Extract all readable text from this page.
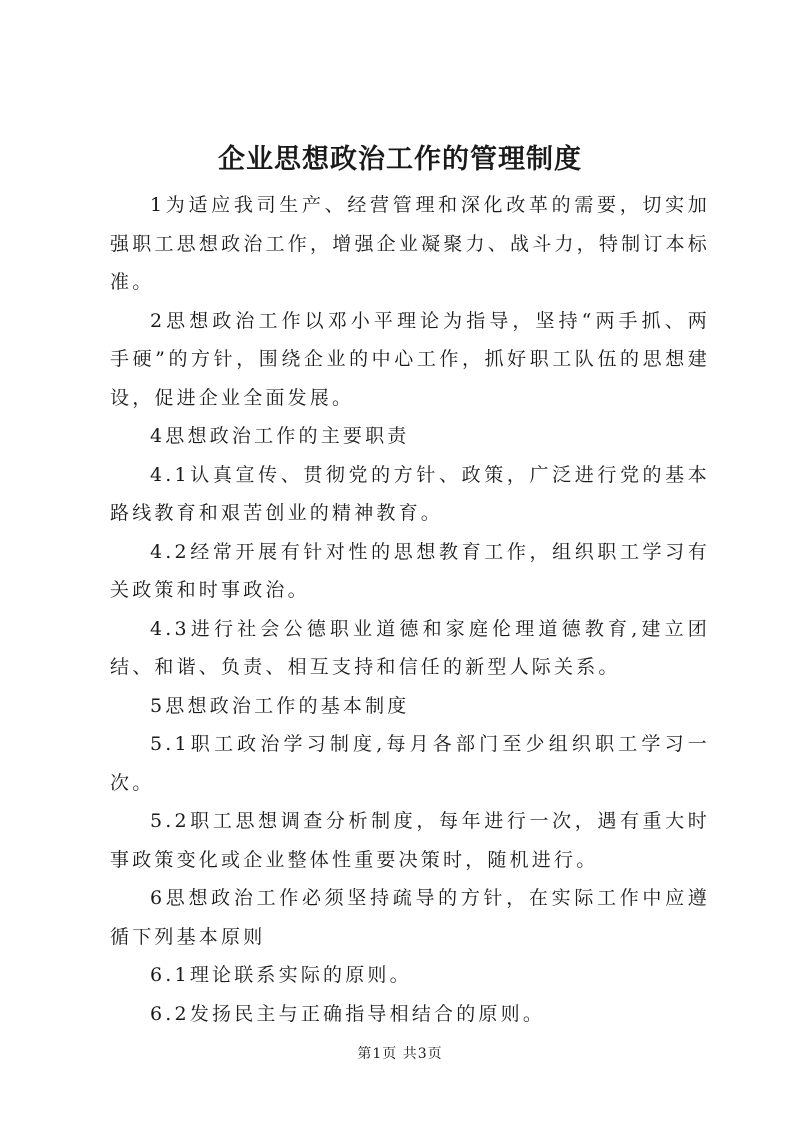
企业思想政治工作的管理制度

1为适应我司生产、经营管理和深化改革的需要，切实加强职工思想政治工作，增强企业凝聚力、战斗力，特制订本标准。

2思想政治工作以邓小平理论为指导，坚持“两手抓、两手硬”的方针，围绕企业的中心工作，抓好职工队伍的思想建设，促进企业全面发展。

4思想政治工作的主要职责

4.1认真宣传、贯彻党的方针、政策，广泛进行党的基本路线教育和艰苦创业的精神教育。

4.2经常开展有针对性的思想教育工作，组织职工学习有关政策和时事政治。

4.3进行社会公德职业道德和家庭伦理道德教育,建立团结、和谐、负责、相互支持和信任的新型人际关系。

5思想政治工作的基本制度

5.1职工政治学习制度,每月各部门至少组织职工学习一次。

5.2职工思想调查分析制度，每年进行一次，遇有重大时事政策变化或企业整体性重要决策时，随机进行。

6思想政治工作必须坚持疏导的方针，在实际工作中应遵循下列基本原则

6.1理论联系实际的原则。

6.2发扬民主与正确指导相结合的原则。

第1页 共3页
